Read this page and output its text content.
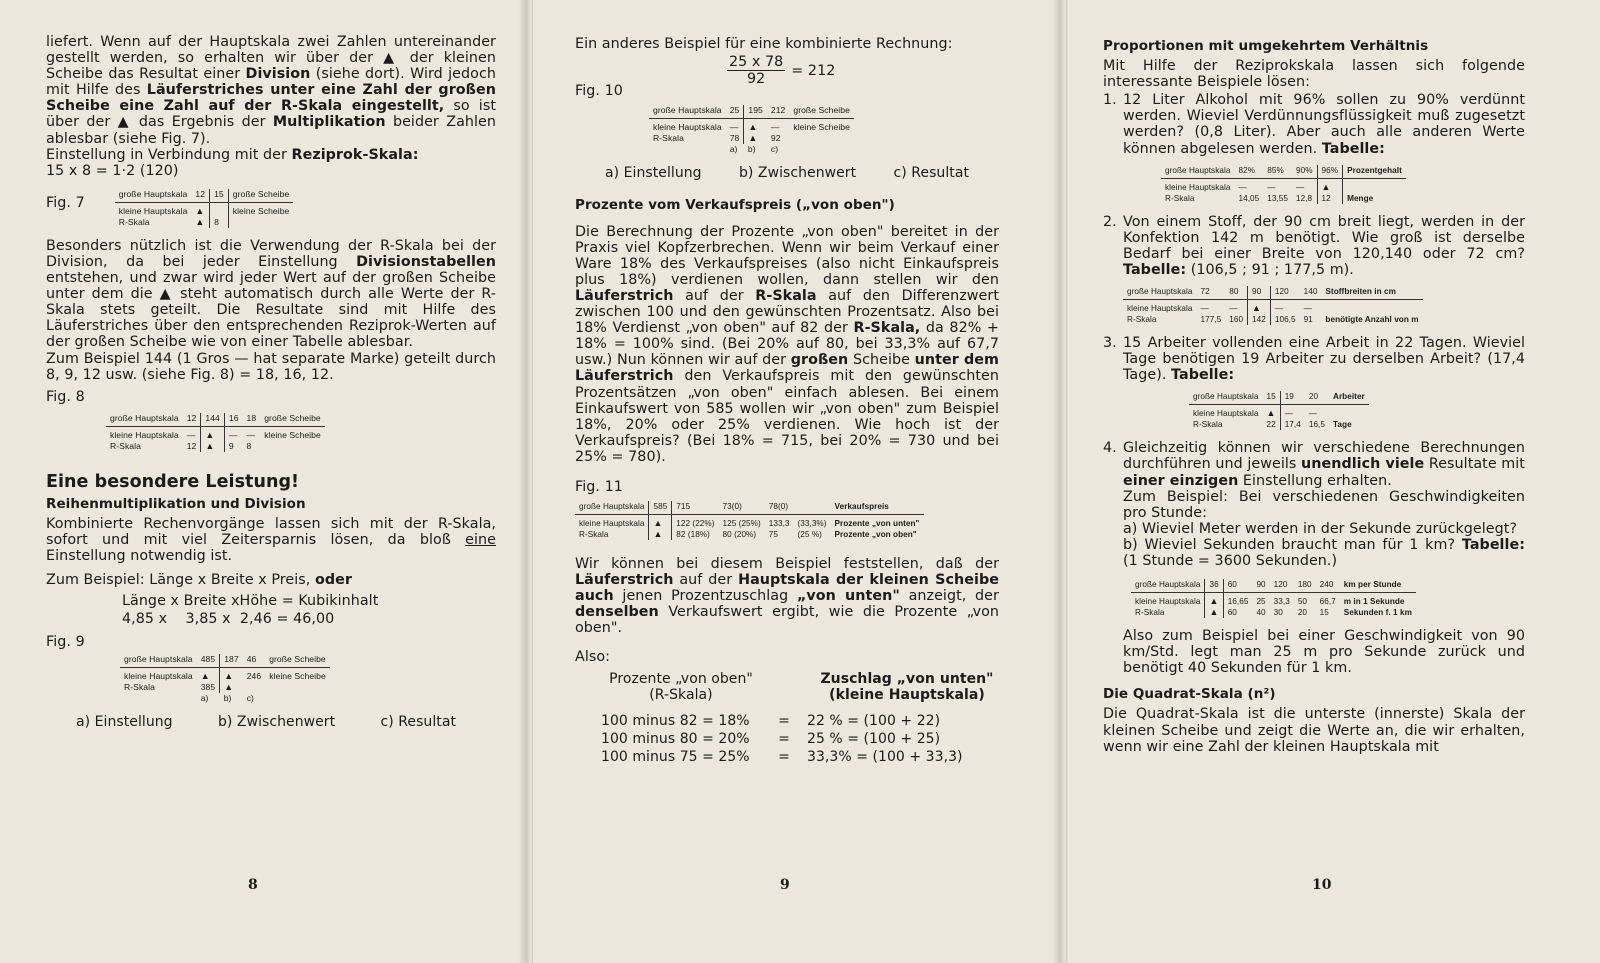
liefert. Wenn auf der Hauptskala zwei Zahlen untereinander gestellt werden, so erhalten wir über der ▲ der kleinen Scheibe das Resultat einer Division (siehe dort). Wird jedoch mit Hilfe des Läuferstriches unter eine Zahl der großen Scheibe eine Zahl auf der R-Skala eingestellt, so ist über der ▲ das Ergebnis der Multiplikation beider Zahlen ablesbar (siehe Fig. 7).

Einstellung in Verbindung mit der Reziprok-Skala:
15 x 8 = 1·2 (120)

Fig. 7
große Hauptskala	12	15	große Scheibe
kleine Hauptskala	▲		kleine Scheibe
R-Skala	▲	8	

Besonders nützlich ist die Verwendung der R-Skala bei der Division, da bei jeder Einstellung Divisionstabellen entstehen, und zwar wird jeder Wert auf der großen Scheibe unter dem die ▲ steht automatisch durch alle Werte der R-Skala stets geteilt. Die Resultate sind mit Hilfe des Läuferstriches über den entsprechenden Reziprok-Werten auf der großen Scheibe wie von einer Tabelle ablesbar.

Zum Beispiel 144 (1 Gros — hat separate Marke) geteilt durch 8, 9, 12 usw. (siehe Fig. 8) = 18, 16, 12.

Fig. 8
große Hauptskala	12	144	16	18	große Scheibe
kleine Hauptskala	—	▲	—	—	kleine Scheibe
R-Skala	12	▲	9	8	
Eine besondere Leistung!
Reihenmultiplikation und Division

Kombinierte Rechenvorgänge lassen sich mit der R-Skala, sofort und mit viel Zeitersparnis lösen, da bloß eine Einstellung notwendig ist.

Zum Beispiel: Länge x Breite x Preis, oder

Länge x Breite xHöhe = Kubikinhalt
4,85 x    3,85 x  2,46 = 46,00
Fig. 9
große Hauptskala	485	187	46	große Scheibe
kleine Hauptskala	▲	▲	246	kleine Scheibe
R-Skala	385	▲		
	a)	b)	c)	
a) Einstellung	b) Zwischenwert	c) Resultat
8

Ein anderes Beispiel für eine kombinierte Rechnung:

$\frac{25 x 78}{92} = 212$
Fig. 10
große Hauptskala	25	195	212	große Scheibe
kleine Hauptskala	—	▲	—	kleine Scheibe
R-Skala	78	▲	92	
	a)	b)	c)	
a) Einstellung	b) Zwischenwert	c) Resultat
Prozente vom Verkaufspreis („von oben")

Die Berechnung der Prozente „von oben" bereitet in der Praxis viel Kopfzerbrechen. Wenn wir beim Verkauf einer Ware 18% des Verkaufspreises (also nicht Einkaufspreis plus 18%) verdienen wollen, dann stellen wir den Läuferstrich auf der R-Skala auf den Differenzwert zwischen 100 und den gewünschten Prozentsatz. Also bei 18% Verdienst „von oben" auf 82 der R-Skala, da 82% + 18% = 100% sind. (Bei 20% auf 80, bei 33,3% auf 67,7 usw.) Nun können wir auf der großen Scheibe unter dem Läuferstrich den Verkaufspreis mit den gewünschten Prozentsätzen „von oben" einfach ablesen. Bei einem Einkaufswert von 585 wollen wir „von oben" zum Beispiel 18%, 20% oder 25% verdienen. Wie hoch ist der Verkaufspreis? (Bei 18% = 715, bei 20% = 730 und bei 25% = 780).

Fig. 11
große Hauptskala	585	715	73(0)	78(0)		Verkaufspreis
kleine Hauptskala	▲	122 (22%)	125 (25%)	133,3	(33,3%)	Prozente „von unten"
R-Skala	▲	82 (18%)	80 (20%)	75	(25 %)	Prozente „von oben"

Wir können bei diesem Beispiel feststellen, daß der Läuferstrich auf der Hauptskala der kleinen Scheibe auch jenen Prozentzuschlag „von unten" anzeigt, der denselben Verkaufswert ergibt, wie die Prozente „von oben".

Also:
Prozente „von oben"
(R-Skala)
Zuschlag „von unten"
(kleine Hauptskala)
100 minus 82 = 18%	=	22 % = (100 + 22)
100 minus 80 = 20%	=	25 % = (100 + 25)
100 minus 75 = 25%	=	33,3% = (100 + 33,3)
9
Proportionen mit umgekehrtem Verhältnis

Mit Hilfe der Reziprokskala lassen sich folgende interessante Beispiele lösen:

1. 12 Liter Alkohol mit 96% sollen zu 90% verdünnt werden. Wieviel Verdünnungsflüssigkeit muß zugesetzt werden? (0,8 Liter). Aber auch alle anderen Werte können abgelesen werden. Tabelle:

große Hauptskala	82%	85%	90%	96%	Prozentgehalt
kleine Hauptskala	—	—	—	▲	
R-Skala	14,05	13,55	12,8	12	Menge
2. Von einem Stoff, der 90 cm breit liegt, werden in der Konfektion 142 m benötigt. Wie groß ist derselbe Bedarf bei einer Breite von 120,140 oder 72 cm? Tabelle: (106,5 ; 91 ; 177,5 m).

große Hauptskala	72	80	90	120	140	Stoffbreiten in cm
kleine Hauptskala	—	—	▲	—	—	
R-Skala	177,5	160	142	106,5	91	benötigte Anzahl von m
3. 15 Arbeiter vollenden eine Arbeit in 22 Tagen. Wieviel Tage benötigen 19 Arbeiter zu derselben Arbeit? (17,4 Tage). Tabelle:

große Hauptskala	15	19	20	Arbeiter
kleine Hauptskala	▲	—	—	
R-Skala	22	17,4	16,5	Tage
4. Gleichzeitig können wir verschiedene Berechnungen durchführen und jeweils unendlich viele Resultate mit einer einzigen Einstellung erhalten.

Zum Beispiel: Bei verschiedenen Geschwindigkeiten pro Stunde:

a) Wieviel Meter werden in der Sekunde zurückgelegt?

b) Wieviel Sekunden braucht man für 1 km? Tabelle: (1 Stunde = 3600 Sekunden.)

große Hauptskala	36	60	90	120	180	240	km per Stunde
kleine Hauptskala	▲	16,65	25	33,3	50	66,7	m in 1 Sekunde
R-Skala	▲	60	40	30	20	15	Sekunden f. 1 km

Also zum Beispiel bei einer Geschwindigkeit von 90 km/Std. legt man 25 m pro Sekunde zurück und benötigt 40 Sekunden für 1 km.

Die Quadrat-Skala (n²)

Die Quadrat-Skala ist die unterste (innerste) Skala der kleinen Scheibe und zeigt die Werte an, die wir erhalten, wenn wir eine Zahl der kleinen Hauptskala mit

10
